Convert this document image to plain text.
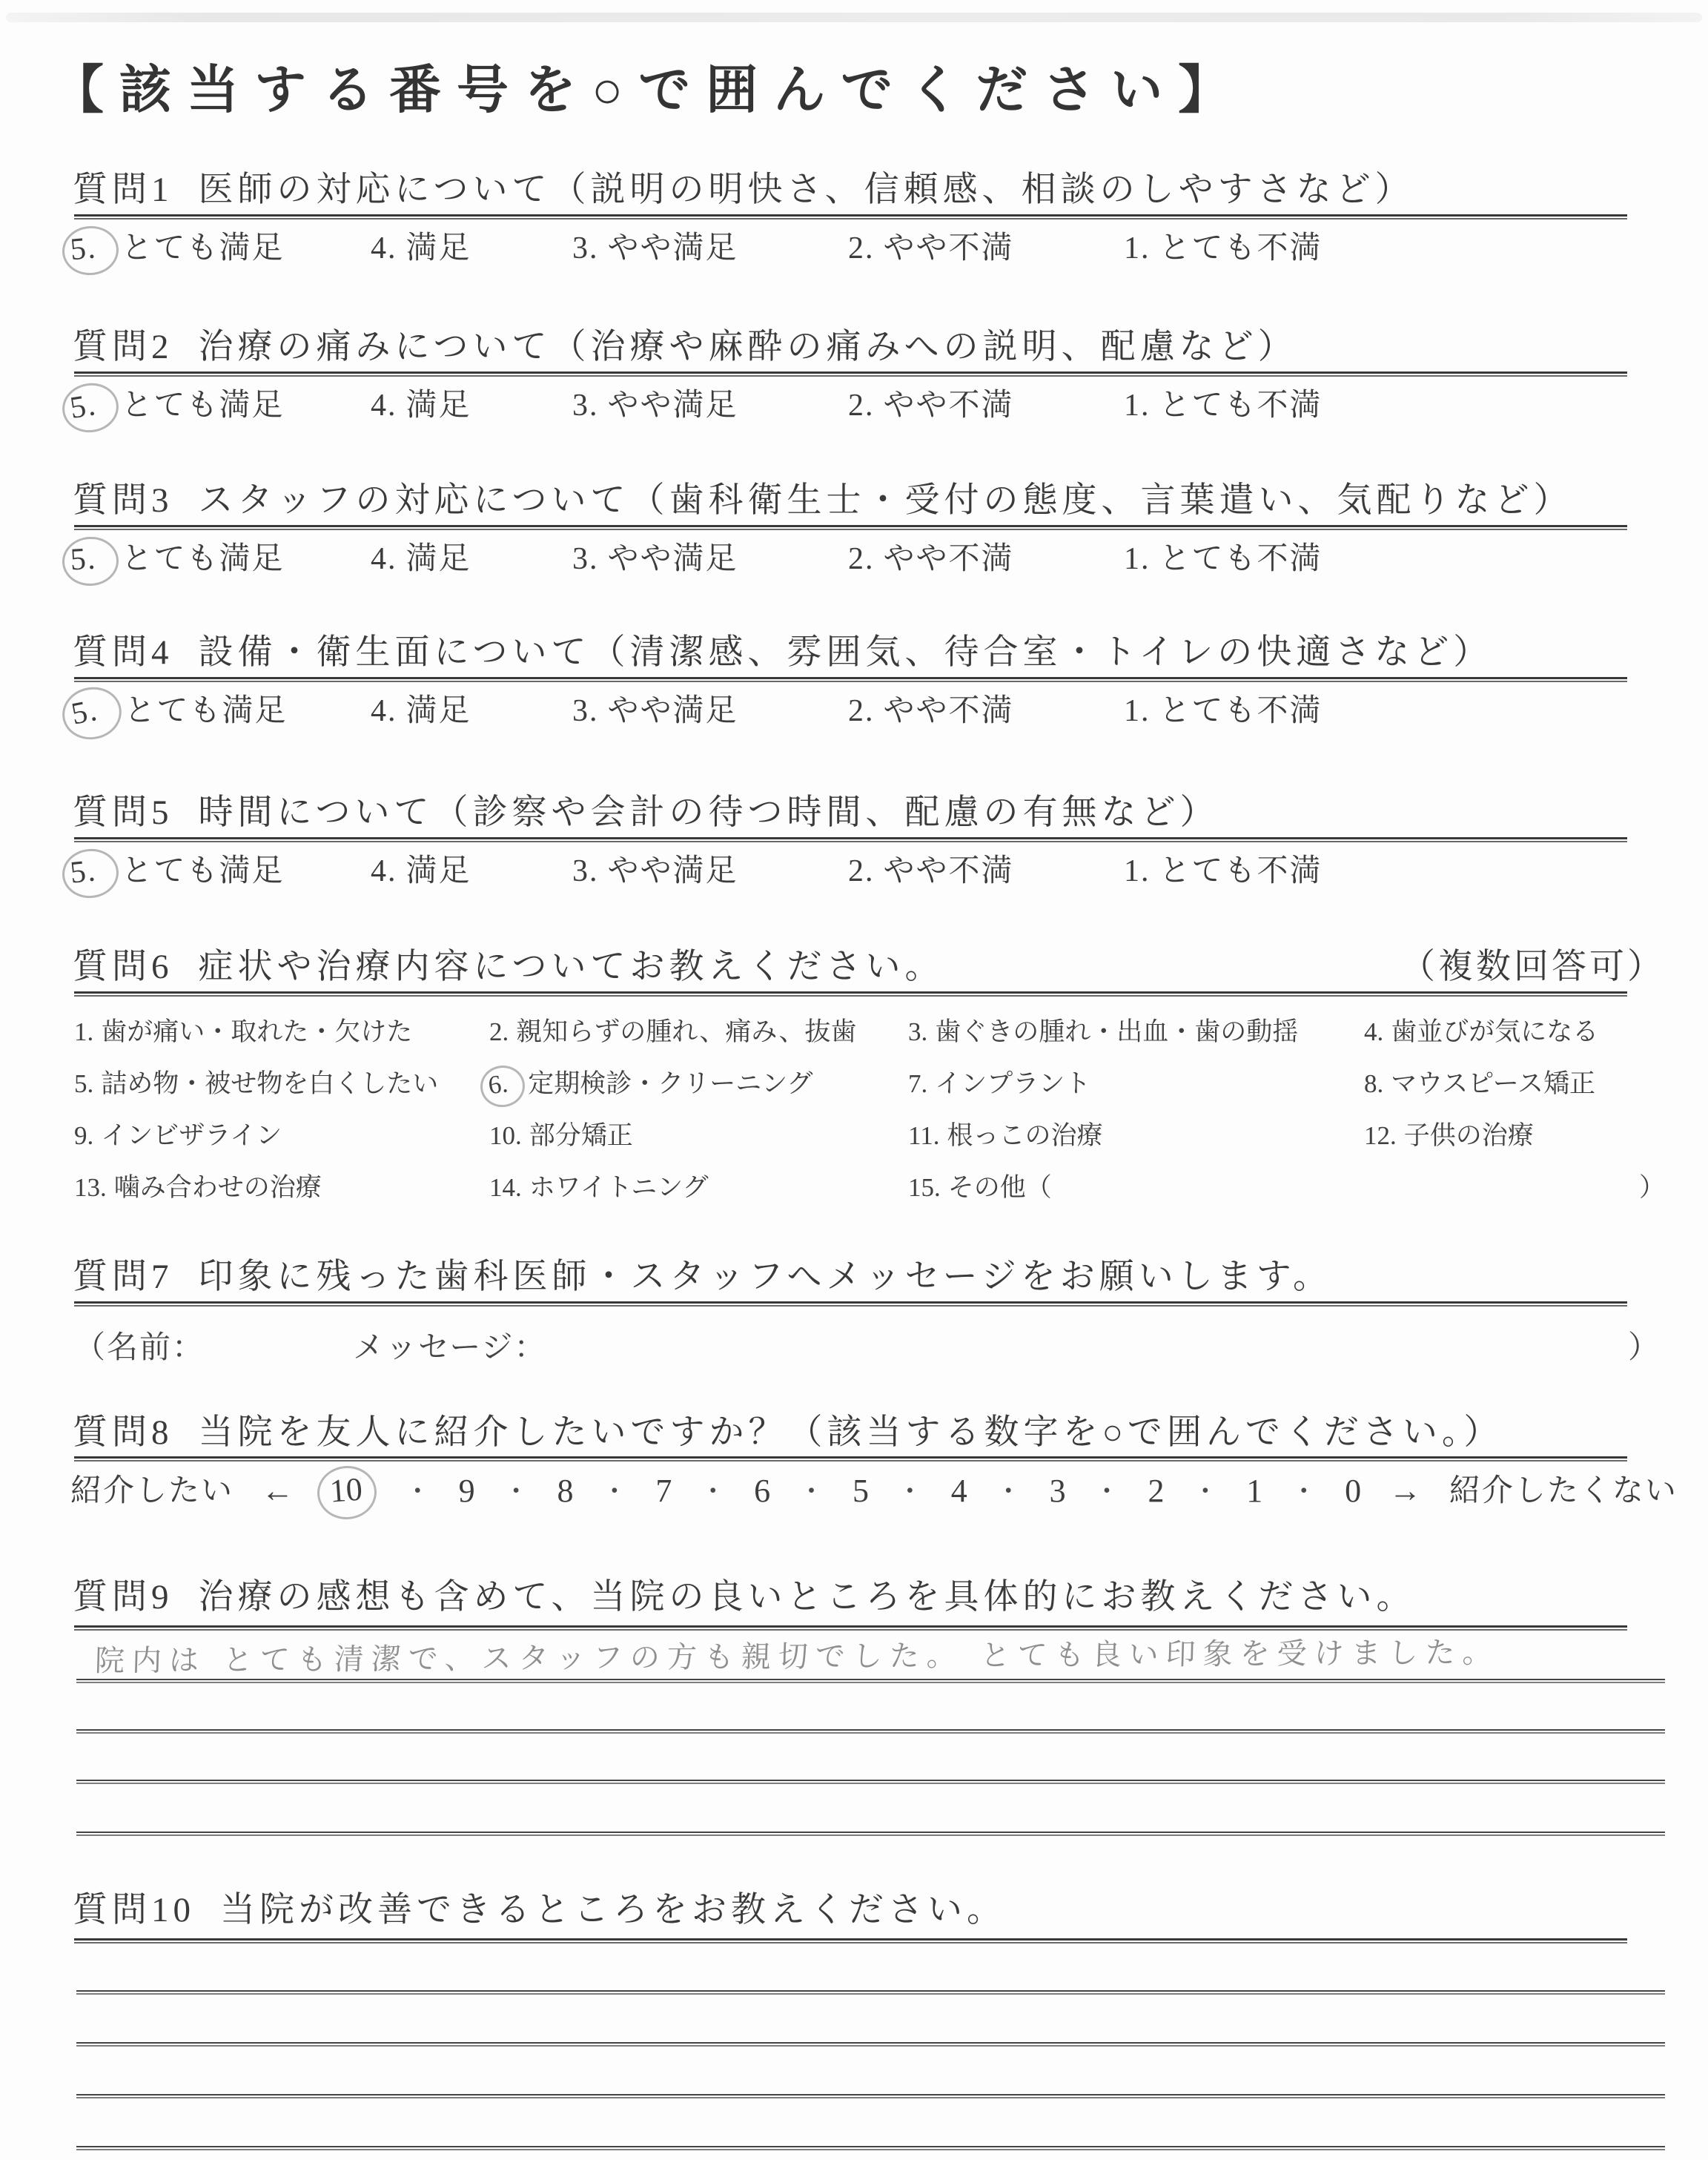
【該当する番号を○で囲んでください】
質問1 医師の対応について（説明の明快さ、信頼感、相談のしやすさなど）
5. とても満足	4. 満足	3. やや満足	2. やや不満	1. とても不満
質問2 治療の痛みについて（治療や麻酔の痛みへの説明、配慮など）
5. とても満足	4. 満足	3. やや満足	2. やや不満	1. とても不満
質問3 スタッフの対応について（歯科衛生士・受付の態度、言葉遣い、気配りなど）
5. とても満足	4. 満足	3. やや満足	2. やや不満	1. とても不満
質問4 設備・衛生面について（清潔感、雰囲気、待合室・トイレの快適さなど）
5. とても満足	4. 満足	3. やや満足	2. やや不満	1. とても不満
質問5 時間について（診察や会計の待つ時間、配慮の有無など）
5. とても満足	4. 満足	3. やや満足	2. やや不満	1. とても不満
質問6 症状や治療内容についてお教えください。	（複数回答可）
1. 歯が痛い・取れた・欠けた	2. 親知らずの腫れ、痛み、抜歯	3. 歯ぐきの腫れ・出血・歯の動揺	4. 歯並びが気になる
5. 詰め物・被せ物を白くしたい	6. 定期検診・クリーニング	7. インプラント	8. マウスピース矯正
9. インビザライン	10. 部分矯正	11. 根っこの治療	12. 子供の治療
13. 噛み合わせの治療	14. ホワイトニング	15. その他（	）
質問7 印象に残った歯科医師・スタッフへメッセージをお願いします。
（名前：	メッセージ：	）
質問8 当院を友人に紹介したいですか？（該当する数字を○で囲んでください。）
紹介したい ← 10	・ 9 ・ 8 ・ 7 ・ 6 ・ 5 ・ 4 ・ 3 ・ 2 ・ 1 ・ 0 → 紹介したくない
質問9 治療の感想も含めて、当院の良いところを具体的にお教えください。
院内は とても清潔で、スタッフの方も親切でした。 とても良い印象を受けました。
質問10 当院が改善できるところをお教えください。
